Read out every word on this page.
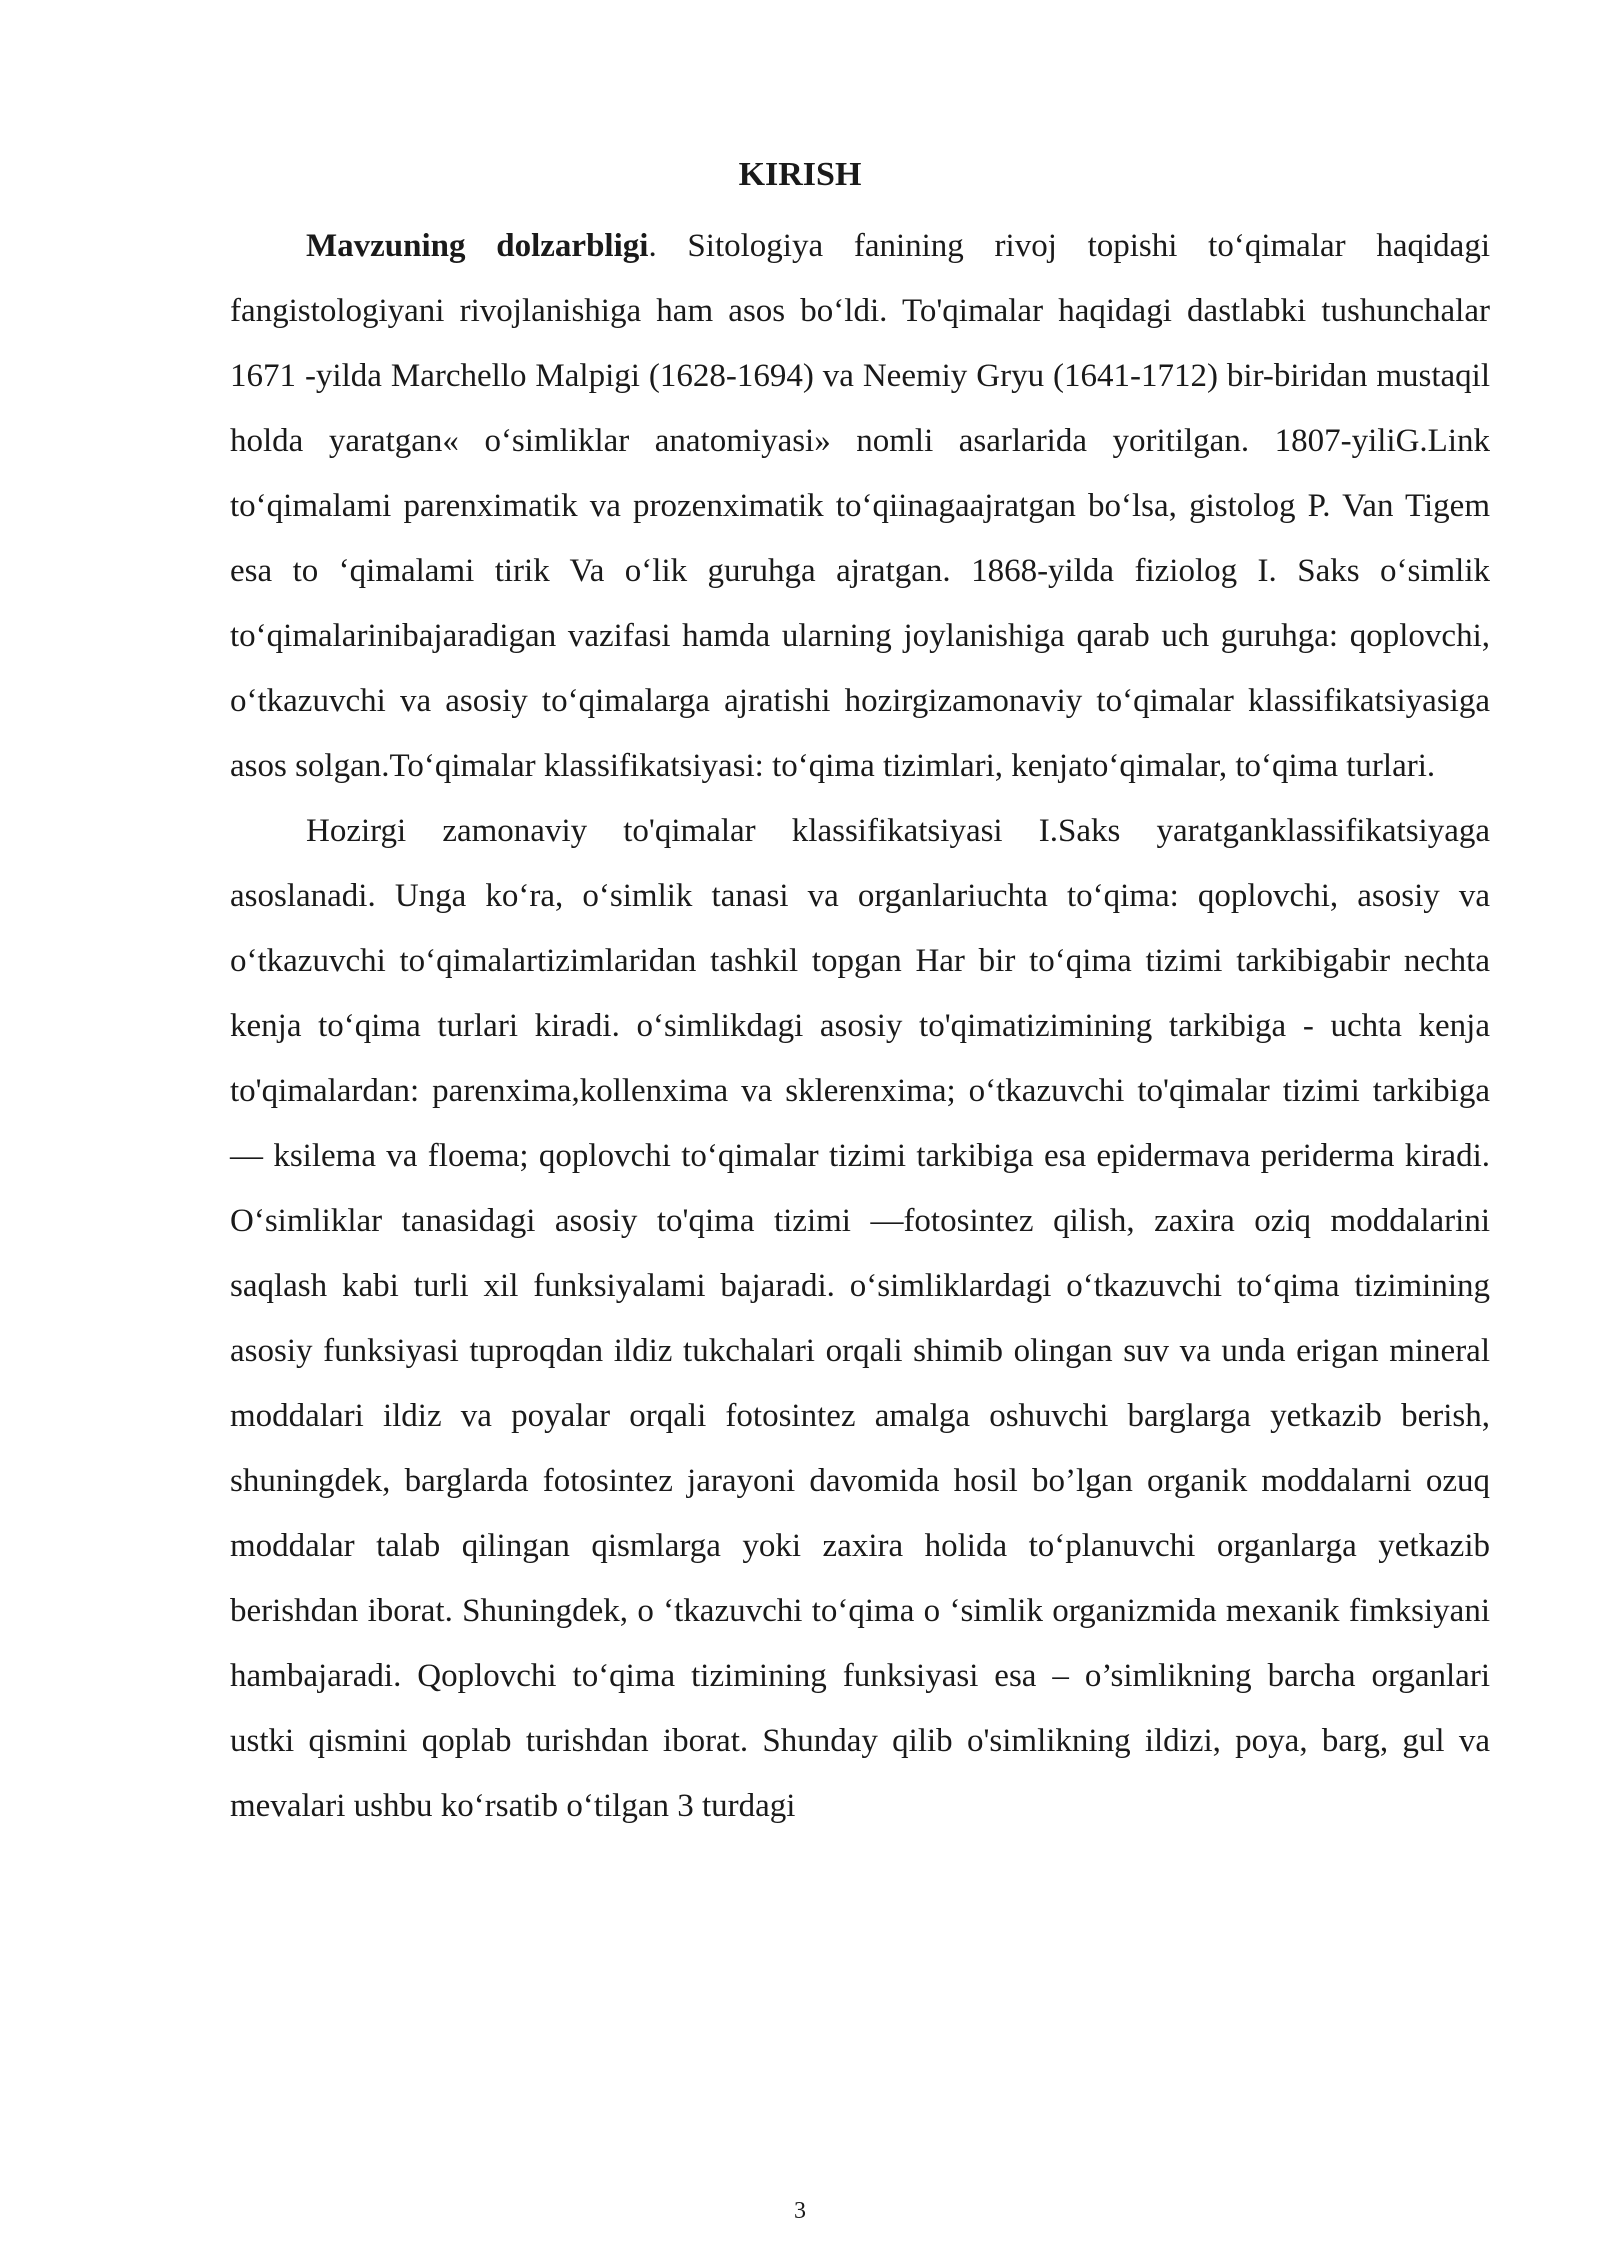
KIRISH

Mavzuning dolzarbligi. Sitologiya fanining rivoj topishi to‘qimalar haqidagi fangistologiyani rivojlanishiga ham asos bo‘ldi. To'qimalar haqidagi dastlabki tushunchalar 1671 -yilda Marchello Malpigi (1628-1694) va Neemiy Gryu (1641-1712) bir-biridan mustaqil holda yaratgan« o‘simliklar anatomiyasi» nomli asarlarida yoritilgan. 1807-yiliG.Link to‘qimalami parenximatik va prozenximatik to‘qiinagaajratgan bo‘lsa, gistolog P. Van Tigem esa to ‘qimalami tirik Va o‘lik guruhga ajratgan. 1868-yilda fiziolog I. Saks o‘simlik to‘qimalarinibajaradigan vazifasi hamda ularning joylanishiga qarab uch guruhga: qoplovchi, o‘tkazuvchi va asosiy to‘qimalarga ajratishi hozirgizamonaviy to‘qimalar klassifikatsiyasiga asos solgan.To‘qimalar klassifikatsiyasi: to‘qima tizimlari, kenjato‘qimalar, to‘qima turlari.

Hozirgi zamonaviy to'qimalar klassifikatsiyasi I.Saks yaratganklassifikatsiyaga asoslanadi. Unga ko‘ra, o‘simlik tanasi va organlariuchta to‘qima: qoplovchi, asosiy va o‘tkazuvchi to‘qimalartizimlaridan tashkil topgan Har bir to‘qima tizimi tarkibigabir nechta kenja to‘qima turlari kiradi. o‘simlikdagi asosiy to'qimatizimining tarkibiga - uchta kenja to'qimalardan: parenxima,kollenxima va sklerenxima; o‘tkazuvchi to'qimalar tizimi tarkibiga — ksilema va floema; qoplovchi to‘qimalar tizimi tarkibiga esa epidermava periderma kiradi. O‘simliklar tanasidagi asosiy to'qima tizimi —fotosintez qilish, zaxira oziq moddalarini saqlash kabi turli xil funksiyalami bajaradi. o‘simliklardagi o‘tkazuvchi to‘qima tizimining asosiy funksiyasi tuproqdan ildiz tukchalari orqali shimib olingan suv va unda erigan mineral moddalari ildiz va poyalar orqali fotosintez amalga oshuvchi barglarga yetkazib berish, shuningdek, barglarda fotosintez jarayoni davomida hosil bo’lgan organik moddalarni ozuq moddalar talab qilingan qismlarga yoki zaxira holida to‘planuvchi organlarga yetkazib berishdan iborat. Shuningdek, o ‘tkazuvchi to‘qima o ‘simlik organizmida mexanik fimksiyani hambajaradi. Qoplovchi to‘qima tizimining funksiyasi esa – o’simlikning barcha organlari ustki qismini qoplab turishdan iborat. Shunday qilib o'simlikning ildizi, poya, barg, gul va mevalari ushbu ko‘rsatib o‘tilgan 3 turdagi

3
